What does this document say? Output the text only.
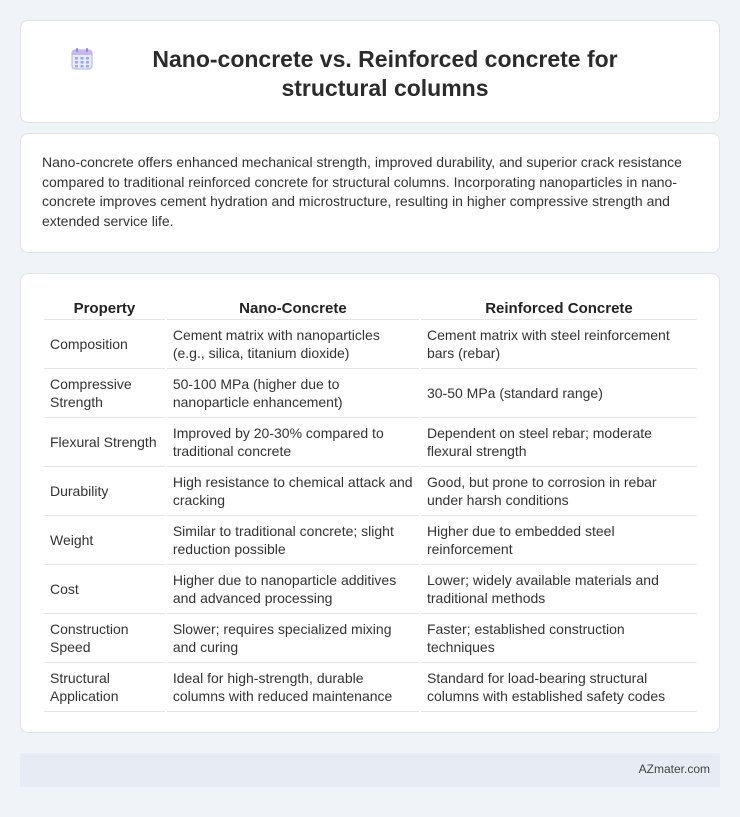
Nano-concrete vs. Reinforced concrete for structural columns

Nano-concrete offers enhanced mechanical strength, improved durability, and superior crack resistance compared to traditional reinforced concrete for structural columns. Incorporating nanoparticles in nano-concrete improves cement hydration and microstructure, resulting in higher compressive strength and extended service life.

Property	Nano-Concrete	Reinforced Concrete
Composition	Cement matrix with nanoparticles (e.g., silica, titanium dioxide)	Cement matrix with steel reinforcement bars (rebar)
Compressive Strength	50-100 MPa (higher due to nanoparticle enhancement)	30-50 MPa (standard range)
Flexural Strength	Improved by 20-30% compared to traditional concrete	Dependent on steel rebar; moderate flexural strength
Durability	High resistance to chemical attack and cracking	Good, but prone to corrosion in rebar under harsh conditions
Weight	Similar to traditional concrete; slight reduction possible	Higher due to embedded steel reinforcement
Cost	Higher due to nanoparticle additives and advanced processing	Lower; widely available materials and traditional methods
Construction Speed	Slower; requires specialized mixing and curing	Faster; established construction techniques
Structural Application	Ideal for high-strength, durable columns with reduced maintenance	Standard for load-bearing structural columns with established safety codes
AZmater.com
